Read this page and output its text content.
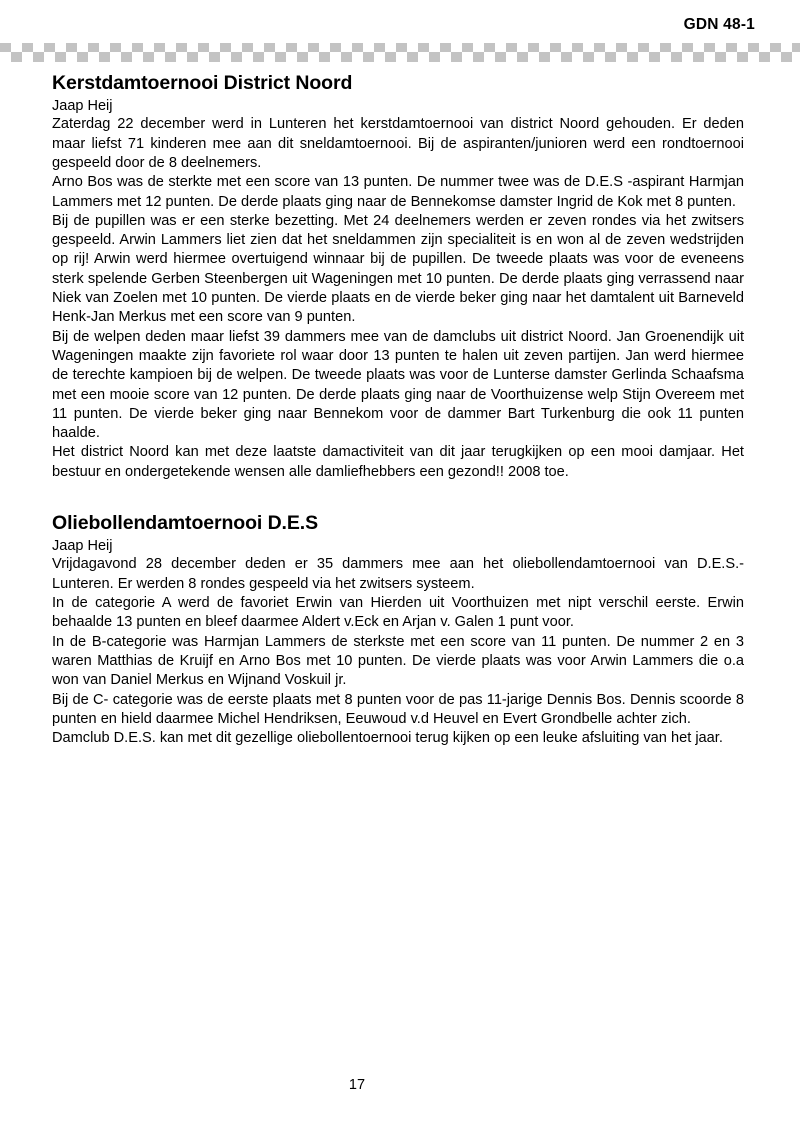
GDN 48-1
Kerstdamtoernooi District Noord
Jaap Heij

Zaterdag 22 december werd in Lunteren het kerstdamtoernooi van district Noord gehouden. Er deden maar liefst 71 kinderen mee aan dit sneldamtoernooi. Bij de aspiranten/junioren werd een rondtoernooi gespeeld door de 8 deelnemers.

Arno Bos was de sterkte met een score van 13 punten. De nummer twee was de D.E.S -aspirant Harmjan Lammers met 12 punten. De derde plaats ging naar de Bennekomse damster Ingrid de Kok met 8 punten.

Bij de pupillen was er een sterke bezetting. Met 24 deelnemers werden er zeven rondes via het zwitsers gespeeld. Arwin Lammers liet zien dat het sneldammen zijn specialiteit is en won al de zeven wedstrijden op rij! Arwin werd hiermee overtuigend winnaar bij de pupillen. De tweede plaats was voor de eveneens sterk spelende Gerben Steenbergen uit Wageningen met 10 punten. De derde plaats ging verrassend naar Niek van Zoelen met 10 punten. De vierde plaats en de vierde beker ging naar het damtalent uit Barneveld Henk-Jan Merkus met een score van 9 punten.

Bij de welpen deden maar liefst 39 dammers mee van de damclubs uit district Noord. Jan Groenendijk uit Wageningen maakte zijn favoriete rol waar door 13 punten te halen uit zeven partijen. Jan werd hiermee de terechte kampioen bij de welpen. De tweede plaats was voor de Lunterse damster Gerlinda Schaafsma met een mooie score van 12 punten. De derde plaats ging naar de Voorthuizense welp Stijn Overeem met 11 punten. De vierde beker ging naar Bennekom voor de dammer Bart Turkenburg die ook 11 punten haalde.

Het district Noord kan met deze laatste damactiviteit van dit jaar terugkijken op een mooi damjaar. Het bestuur en ondergetekende wensen alle damliefhebbers een gezond!! 2008 toe.

Oliebollendamtoernooi D.E.S
Jaap Heij

Vrijdagavond 28 december deden er 35 dammers mee aan het oliebollendamtoernooi van D.E.S.- Lunteren. Er werden 8 rondes gespeeld via het zwitsers systeem.

In de categorie A werd de favoriet Erwin van Hierden uit Voorthuizen met nipt verschil eerste. Erwin behaalde 13 punten en bleef daarmee Aldert v.Eck en Arjan v. Galen 1 punt voor.

In de B-categorie was Harmjan Lammers de sterkste met een score van 11 punten. De nummer 2 en 3 waren Matthias de Kruijf en Arno Bos met 10 punten. De vierde plaats was voor Arwin Lammers die o.a won van Daniel Merkus en Wijnand Voskuil jr.

Bij de C- categorie was de eerste plaats met 8 punten voor de pas 11-jarige Dennis Bos. Dennis scoorde 8 punten en hield daarmee Michel Hendriksen, Eeuwoud v.d Heuvel en Evert Grondbelle achter zich.

Damclub D.E.S. kan met dit gezellige oliebollentoernooi terug kijken op een leuke afsluiting van het jaar.

17
